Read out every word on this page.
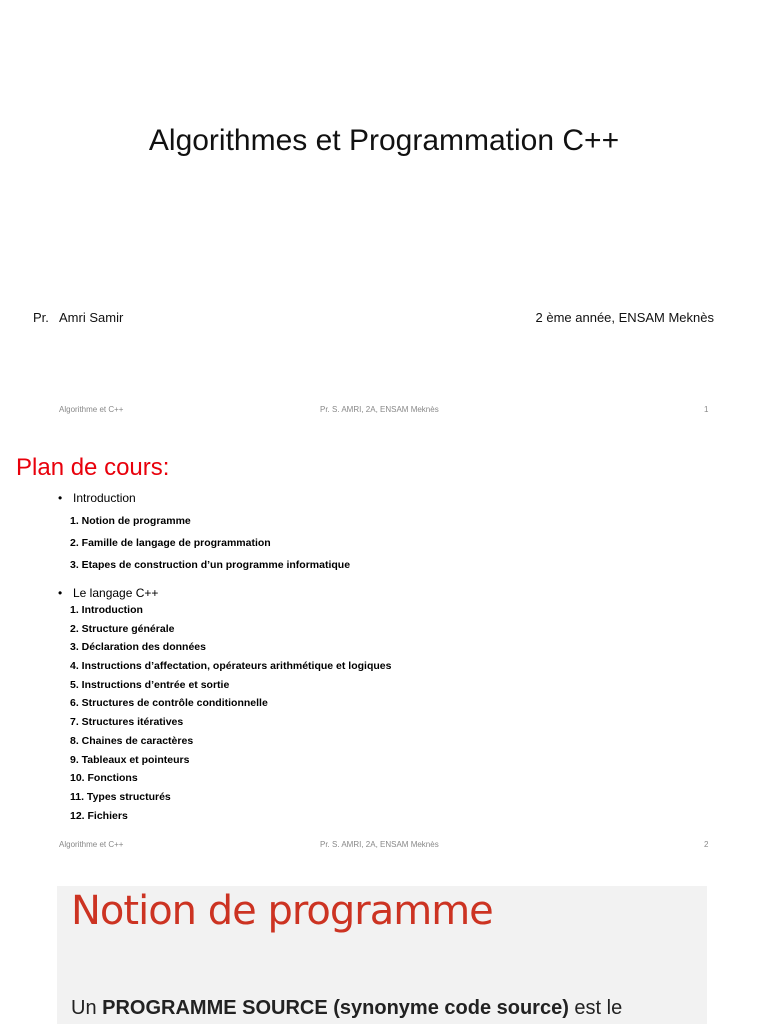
Algorithmes et Programmation C++
Pr.   Amri Samir	2 ème année, ENSAM Meknès
Algorithme et C++	Pr. S. AMRI, 2A, ENSAM Meknès	1
Plan de cours:
• Introduction
1. Notion de programme
2. Famille de langage de programmation
3. Etapes de construction d’un programme informatique
• Le langage C++
1. Introduction
2. Structure générale
3. Déclaration des données
4. Instructions d’affectation, opérateurs arithmétique et logiques
5. Instructions d’entrée et sortie
6. Structures de contrôle conditionnelle
7. Structures itératives
8. Chaines de caractères
9. Tableaux et pointeurs
10. Fonctions
11. Types structurés
12. Fichiers
Algorithme et C++	Pr. S. AMRI, 2A, ENSAM Meknès	2
Notion de programme
Un PROGRAMME SOURCE (synonyme code source) est le
